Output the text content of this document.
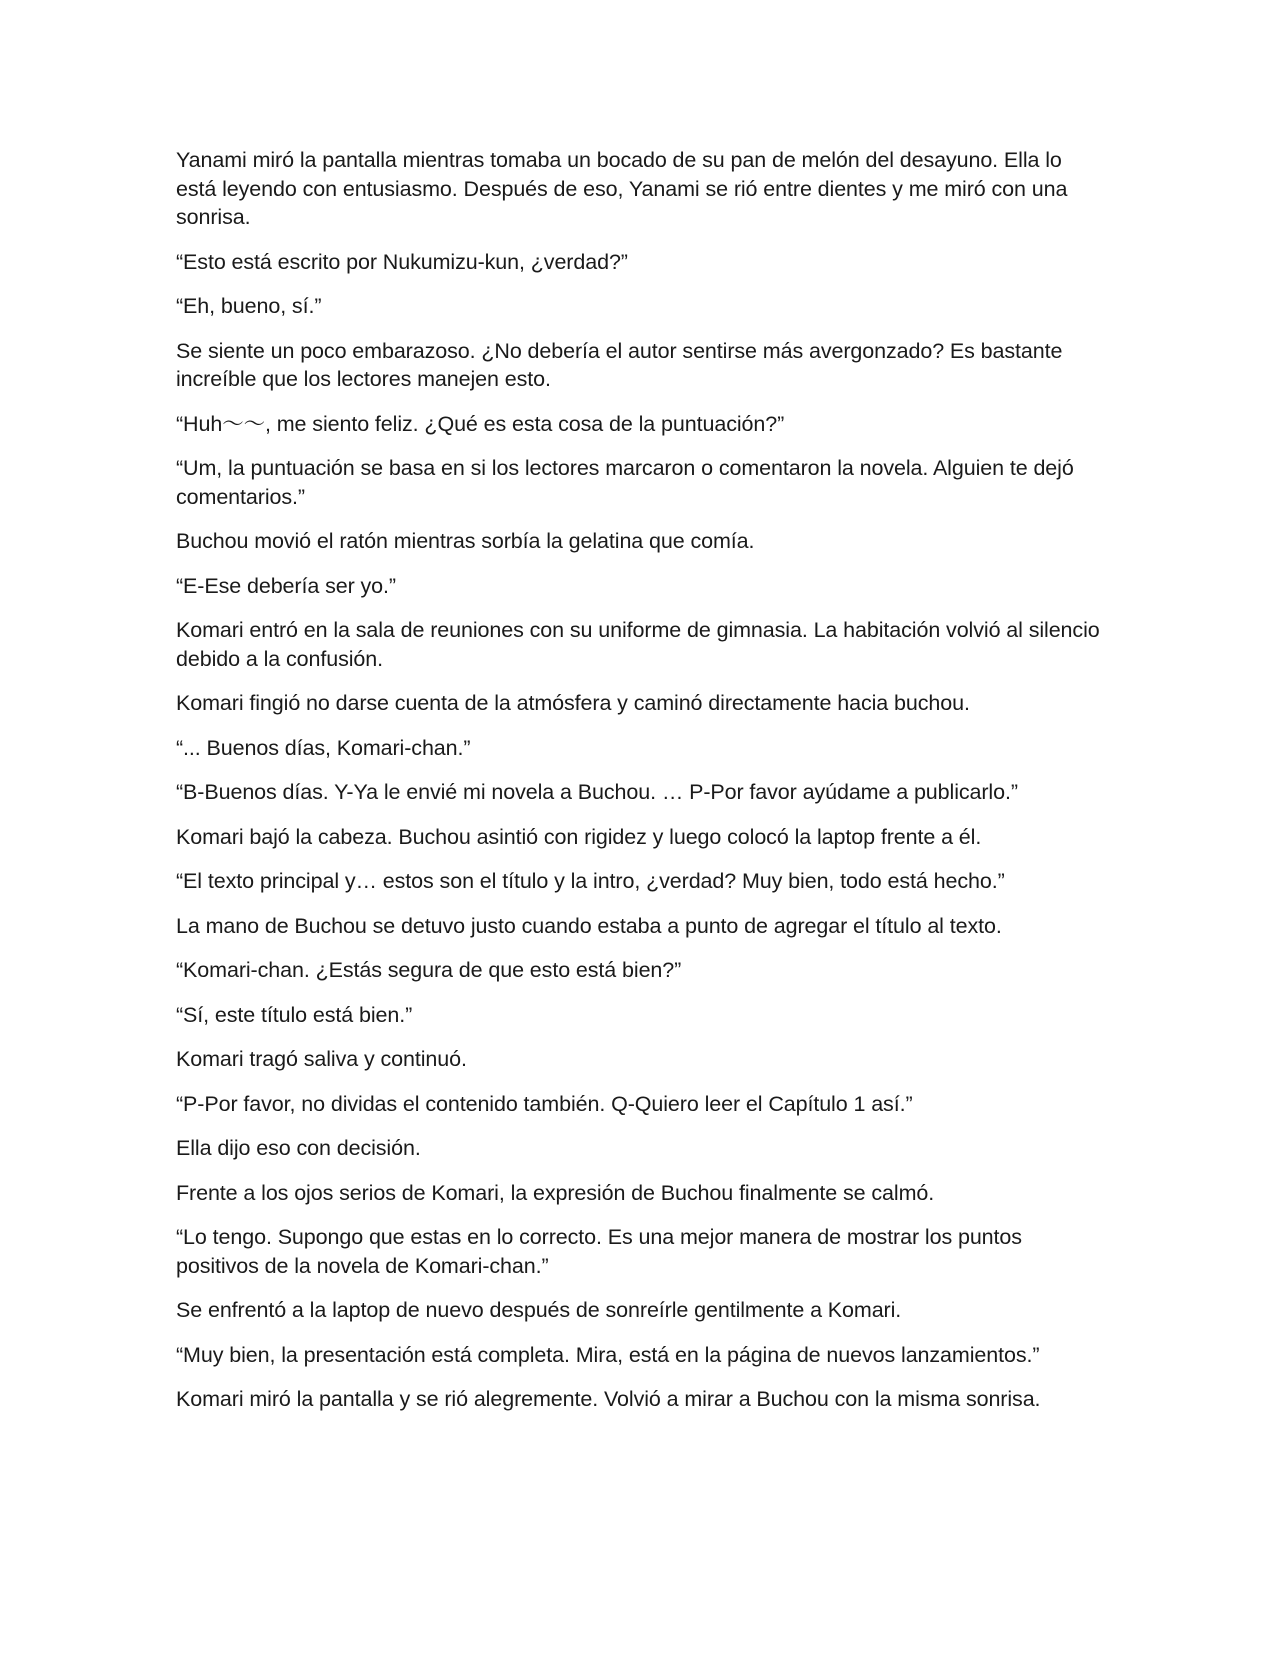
Yanami miró la pantalla mientras tomaba un bocado de su pan de melón del desayuno. Ella lo está leyendo con entusiasmo. Después de eso, Yanami se rió entre dientes y me miró con una sonrisa.

“Esto está escrito por Nukumizu-kun, ¿verdad?”

“Eh, bueno, sí.”

Se siente un poco embarazoso. ¿No debería el autor sentirse más avergonzado? Es bastante increíble que los lectores manejen esto.

“Huh～～, me siento feliz. ¿Qué es esta cosa de la puntuación?”

“Um, la puntuación se basa en si los lectores marcaron o comentaron la novela. Alguien te dejó comentarios.”

Buchou movió el ratón mientras sorbía la gelatina que comía.

“E-Ese debería ser yo.”

Komari entró en la sala de reuniones con su uniforme de gimnasia. La habitación volvió al silencio debido a la confusión.

Komari fingió no darse cuenta de la atmósfera y caminó directamente hacia buchou.

“... Buenos días, Komari-chan.”

“B-Buenos días. Y-Ya le envié mi novela a Buchou. … P-Por favor ayúdame a publicarlo.”

Komari bajó la cabeza. Buchou asintió con rigidez y luego colocó la laptop frente a él.

“El texto principal y… estos son el título y la intro, ¿verdad? Muy bien, todo está hecho.”

La mano de Buchou se detuvo justo cuando estaba a punto de agregar el título al texto.

“Komari-chan. ¿Estás segura de que esto está bien?”

“Sí, este título está bien.”

Komari tragó saliva y continuó.

“P-Por favor, no dividas el contenido también. Q-Quiero leer el Capítulo 1 así.”

Ella dijo eso con decisión.

Frente a los ojos serios de Komari, la expresión de Buchou finalmente se calmó.

“Lo tengo. Supongo que estas en lo correcto. Es una mejor manera de mostrar los puntos positivos de la novela de Komari-chan.”

Se enfrentó a la laptop de nuevo después de sonreírle gentilmente a Komari.

“Muy bien, la presentación está completa. Mira, está en la página de nuevos lanzamientos.”

Komari miró la pantalla y se rió alegremente. Volvió a mirar a Buchou con la misma sonrisa.
